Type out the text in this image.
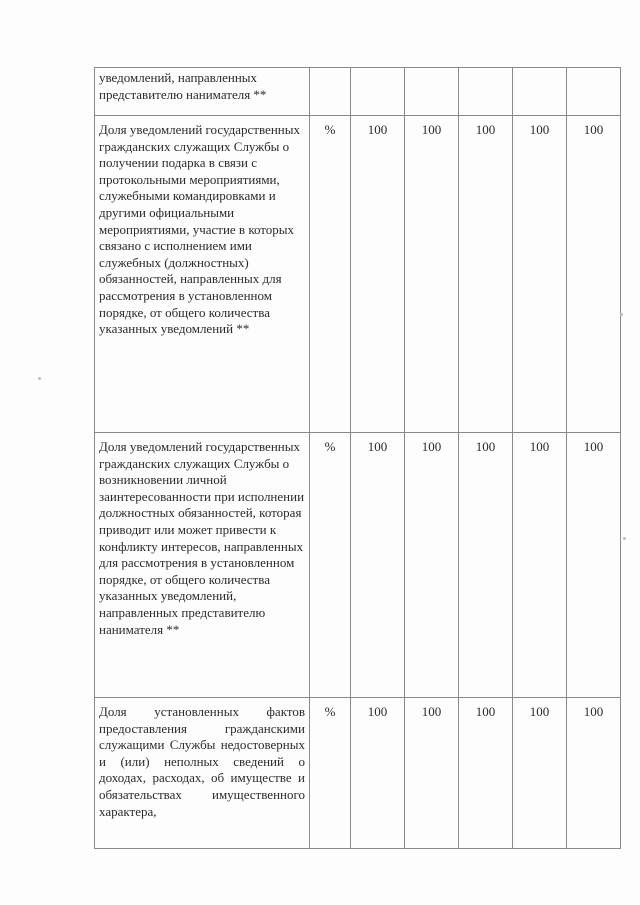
уведомлений, направленных представителю нанимателя **						
Доля уведомлений государственных гражданских служащих Службы о получении подарка в связи с протокольными мероприятиями, служебными командировками и другими официальными мероприятиями, участие в которых связано с исполнением ими служебных (должностных) обязанностей, направленных для рассмотрения в установленном порядке, от общего количества указанных уведомлений **	%	100	100	100	100	100
Доля уведомлений государственных гражданских служащих Службы о возникновении личной заинтересованности при исполнении должностных обязанностей, которая приводит или может привести к конфликту интересов, направленных для рассмотрения в установленном порядке, от общего количества указанных уведомлений, направленных представителю нанимателя **	%	100	100	100	100	100
Доля установленных фактов предоставления гражданскими служащими Службы недостоверных и (или) неполных сведений о доходах, расходах, об имуществе и обязательствах имущественного характера,	%	100	100	100	100	100
